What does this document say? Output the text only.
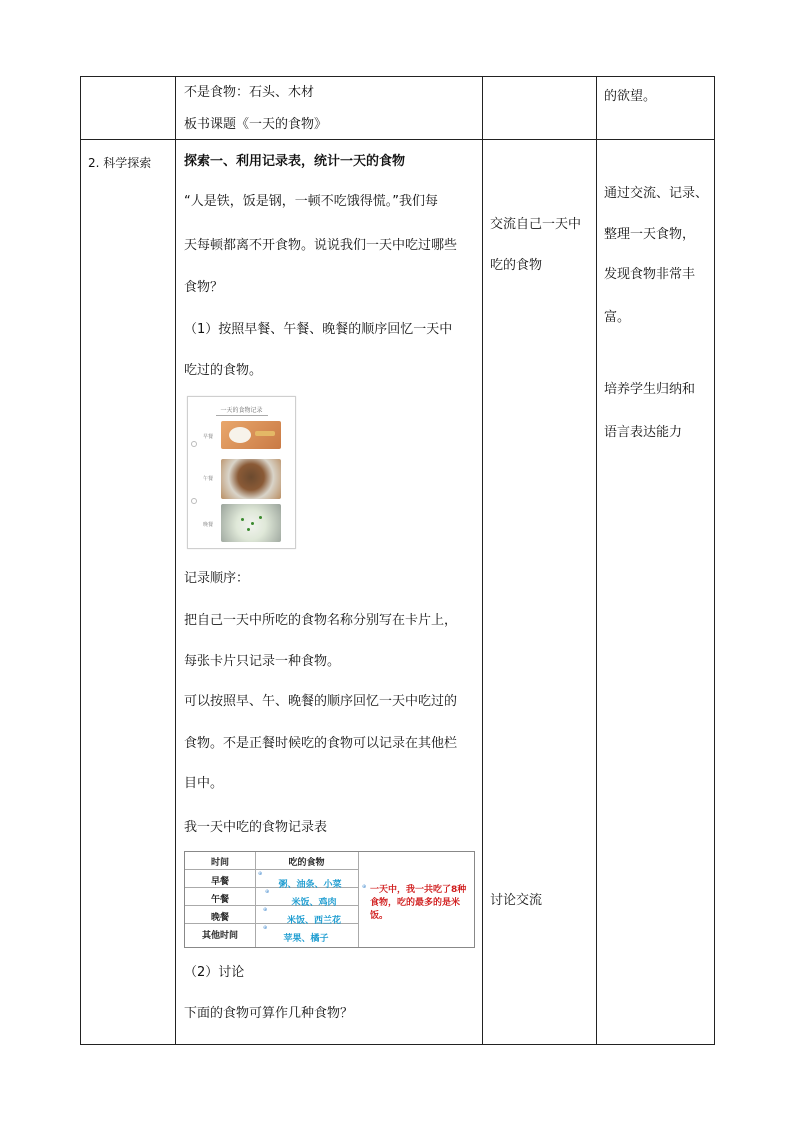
不是食物：石头、木材
板书课题《一天的食物》
的欲望。
2. 科学探索	探索一、利用记录表，统计一天的食物
“人是铁，饭是钢，一顿不吃饿得慌。”我们每
天每顿都离不开食物。说说我们一天中吃过哪些
食物？
（1）按照早餐、午餐、晚餐的顺序回忆一天中
吃过的食物。
一天的食物记录
早餐
午餐
晚餐
记录顺序：
把自己一天中所吃的食物名称分别写在卡片上，
每张卡片只记录一种食物。
可以按照早、午、晚餐的顺序回忆一天中吃过的
食物。不是正餐时候吃的食物可以记录在其他栏
目中。
我一天中吃的食物记录表
时间	吃的食物
早餐
午餐
晚餐
其他时间
⊕
⊕
⊕
⊕
⊕
粥、油条、小菜
米饭、鸡肉
米饭、西兰花
苹果、橘子
一天中，我一共吃了8种食物，吃的最多的是米饭。
（2）讨论
下面的食物可算作几种食物？
交流自己一天中
吃的食物
讨论交流
通过交流、记录、
整理一天食物，
发现食物非常丰
富。
培养学生归纳和
语言表达能力
